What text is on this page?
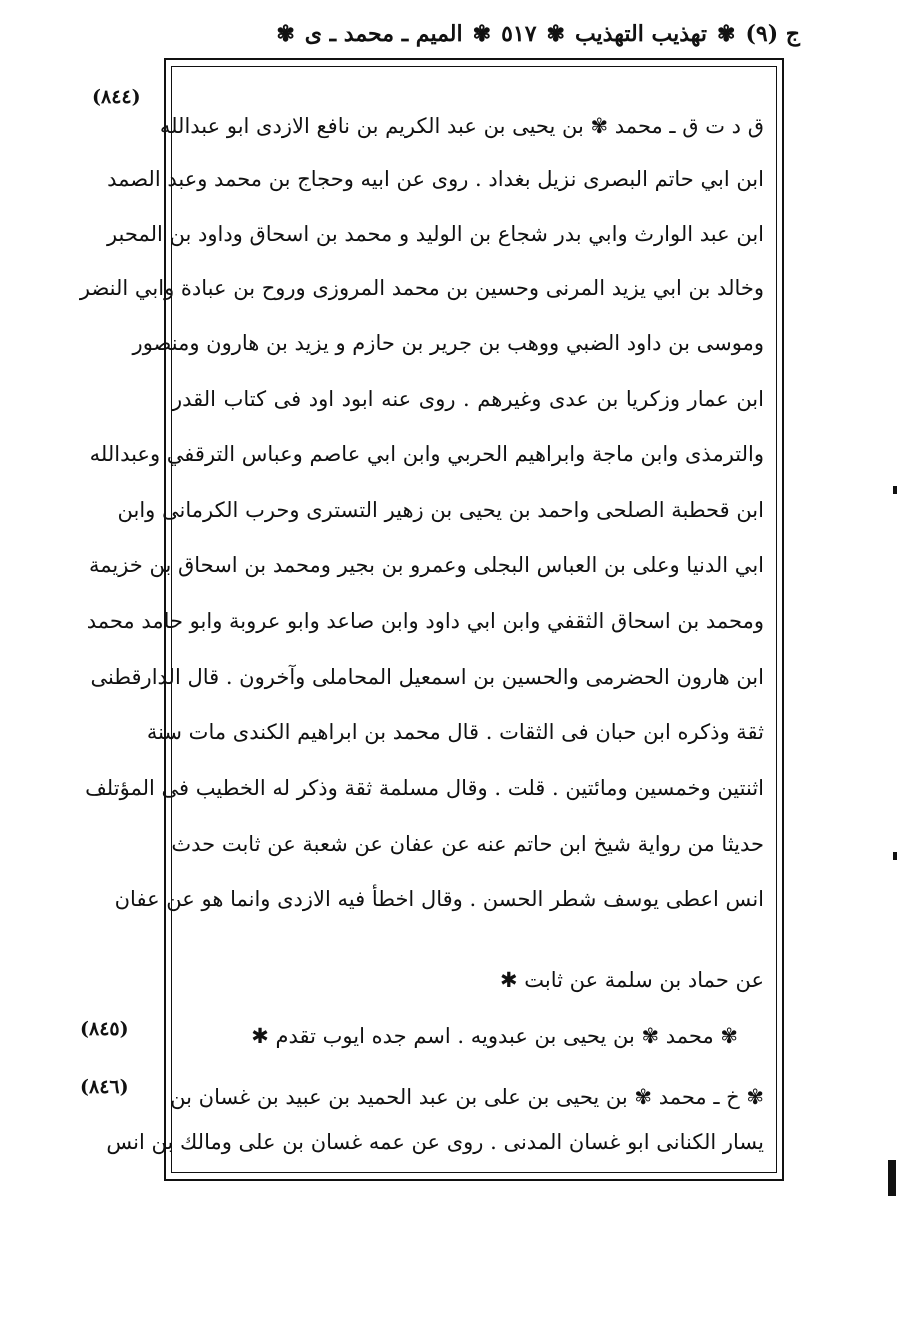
ج (٩)
✾
تهذيب التهذيب
✾
٥١٧
✾
الميم ـ محمد ـ ى
✾
(٨٤٤)
(٨٤٥)
(٨٤٦)
ق د ت ق ـ محمد ✾ بن يحيى بن عبد الكريم بن نافع الازدى ابو عبدالله
ابن ابي حاتم البصرى نزيل بغداد . روى عن ابيه وحجاج بن محمد وعبد الصمد
ابن عبد الوارث وابي بدر شجاع بن الوليد و محمد بن اسحاق وداود بن المحبر
وخالد بن ابي يزيد المرنى وحسين بن محمد المروزى وروح بن عبادة وابي النضر
وموسى بن داود الضبي ووهب بن جرير بن حازم و يزيد بن هارون ومنصور
ابن عمار وزكريا بن عدى وغيرهم . روى عنه ابود اود فى كتاب القدر
والترمذى وابن ماجة وابراهيم الحربي وابن ابي عاصم وعباس الترقفي وعبدالله
ابن قحطبة الصلحى واحمد بن يحيى بن زهير التسترى وحرب الكرمانى وابن
ابي الدنيا وعلى بن العباس البجلى وعمرو بن بجير ومحمد بن اسحاق بن خزيمة
ومحمد بن اسحاق الثقفي وابن ابي داود وابن صاعد وابو عروبة وابو حامد محمد
ابن هارون الحضرمى والحسين بن اسمعيل المحاملى وآخرون . قال الدارقطنى
ثقة وذكره ابن حبان فى الثقات . قال محمد بن ابراهيم الكندى مات سنة
اثنتين وخمسين ومائتين . قلت . وقال مسلمة ثقة وذكر له الخطيب فى المؤتلف
حديثا من رواية شيخ ابن حاتم عنه عن عفان عن شعبة عن ثابت حدث
انس اعطى يوسف شطر الحسن . وقال اخطأ فيه الازدى وانما هو عن عفان
عن حماد بن سلمة عن ثابت ✱
✾ محمد ✾ بن يحيى بن عبدويه . اسم جده ايوب تقدم ✱
✾ خ ـ محمد ✾ بن يحيى بن على بن عبد الحميد بن عبيد بن غسان بن
يسار الكنانى ابو غسان المدنى . روى عن عمه غسان بن على ومالك بن انس
